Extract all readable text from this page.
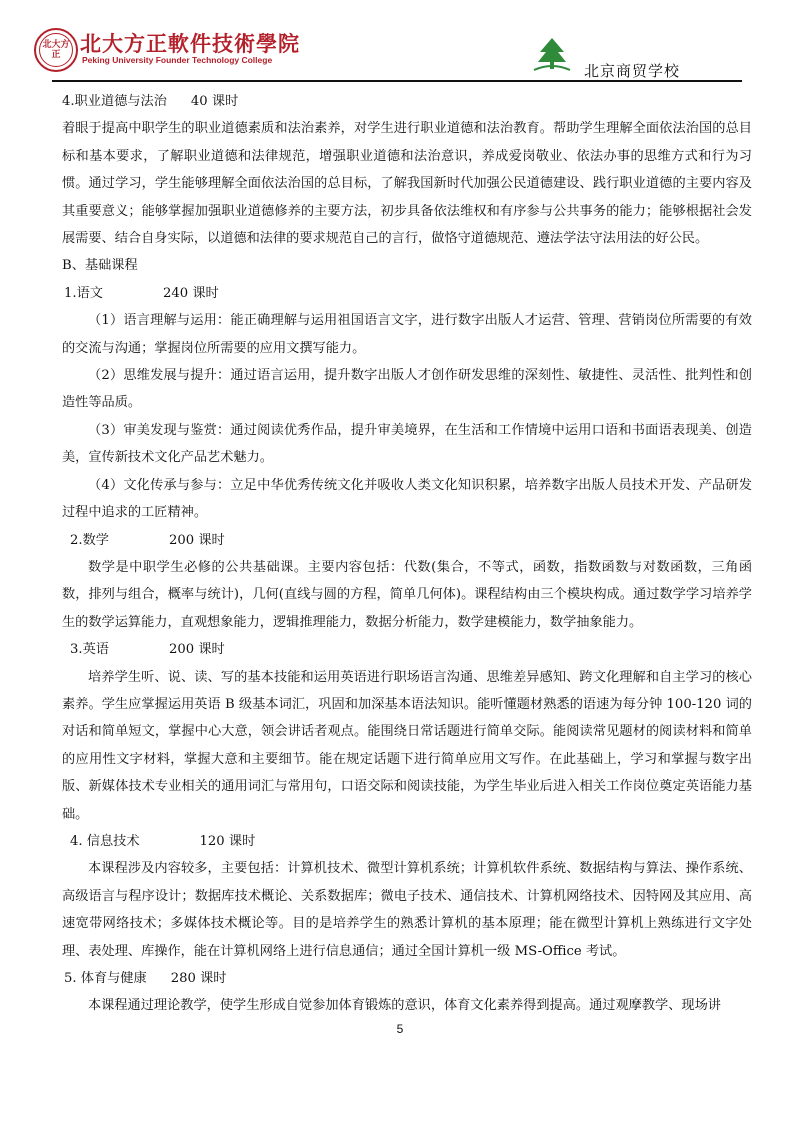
北大方正 北大方正軟件技術學院
Peking University Founder Technology College
北京商贸学校

4.职业道德与法治 40 课时

着眼于提高中职学生的职业道德素质和法治素养，对学生进行职业道德和法治教育。帮助学生理解全面依法治国的总目标和基本要求，了解职业道德和法律规范，增强职业道德和法治意识，养成爱岗敬业、依法办事的思维方式和行为习惯。通过学习，学生能够理解全面依法治国的总目标，了解我国新时代加强公民道德建设、践行职业道德的主要内容及其重要意义；能够掌握加强职业道德修养的主要方法，初步具备依法维权和有序参与公共事务的能力；能够根据社会发展需要、结合自身实际，以道德和法律的要求规范自己的言行，做恪守道德规范、遵法学法守法用法的好公民。

B、基础课程

1.语文	240 课时

（1）语言理解与运用：能正确理解与运用祖国语言文字，进行数字出版人才运营、管理、营销岗位所需要的有效的交流与沟通；掌握岗位所需要的应用文撰写能力。

（2）思维发展与提升：通过语言运用，提升数字出版人才创作研发思维的深刻性、敏捷性、灵活性、批判性和创造性等品质。

（3）审美发现与鉴赏：通过阅读优秀作品，提升审美境界，在生活和工作情境中运用口语和书面语表现美、创造美，宣传新技术文化产品艺术魅力。

（4）文化传承与参与：立足中华优秀传统文化并吸收人类文化知识积累，培养数字出版人员技术开发、产品研发过程中追求的工匠精神。

2.数学	200 课时

数学是中职学生必修的公共基础课。主要内容包括：代数(集合，不等式，函数，指数函数与对数函数，三角函数，排列与组合，概率与统计)，几何(直线与圆的方程，简单几何体)。课程结构由三个模块构成。通过数学学习培养学生的数学运算能力，直观想象能力，逻辑推理能力，数据分析能力，数学建模能力，数学抽象能力。

3.英语	200 课时

培养学生听、说、读、写的基本技能和运用英语进行职场语言沟通、思维差异感知、跨文化理解和自主学习的核心素养。学生应掌握运用英语 B 级基本词汇，巩固和加深基本语法知识。能听懂题材熟悉的语速为每分钟 100-120 词的对话和简单短文，掌握中心大意，领会讲话者观点。能围绕日常话题进行简单交际。能阅读常见题材的阅读材料和简单的应用性文字材料，掌握大意和主要细节。能在规定话题下进行简单应用文写作。在此基础上，学习和掌握与数字出版、新媒体技术专业相关的通用词汇与常用句，口语交际和阅读技能，为学生毕业后进入相关工作岗位奠定英语能力基础。

4. 信息技术	120 课时

本课程涉及内容较多，主要包括：计算机技术、微型计算机系统；计算机软件系统、数据结构与算法、操作系统、高级语言与程序设计；数据库技术概论、关系数据库；微电子技术、通信技术、计算机网络技术、因特网及其应用、高速宽带网络技术；多媒体技术概论等。目的是培养学生的熟悉计算机的基本原理；能在微型计算机上熟练进行文字处理、表处理、库操作，能在计算机网络上进行信息通信；通过全国计算机一级 MS-Office 考试。

5. 体育与健康 280 课时

本课程通过理论教学，使学生形成自觉参加体育锻炼的意识，体育文化素养得到提高。通过观摩教学、现场讲

5
